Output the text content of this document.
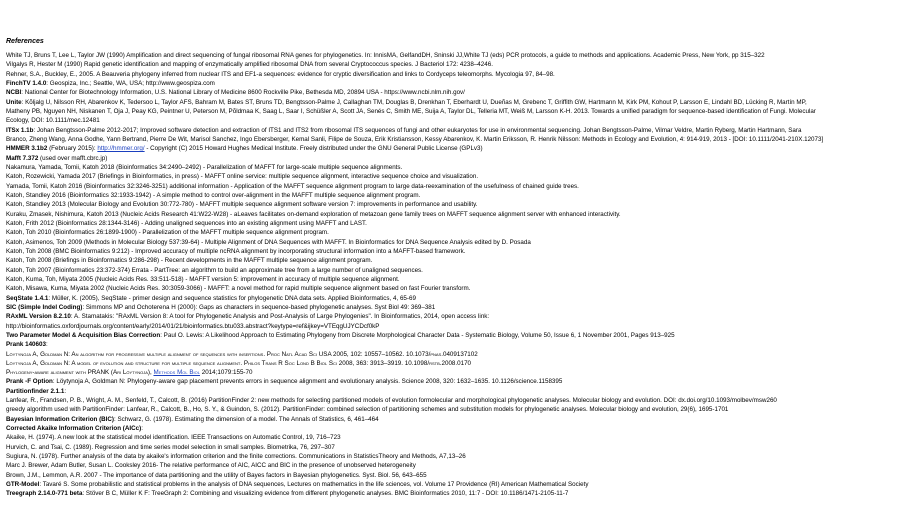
References
White TJ, Bruns T, Lee L, Taylor JW (1990) Amplification and direct sequencing of fungal ribosomal RNA genes for phylogenetics. In: InnisMA, GelfandDH, Sninski JJ,White TJ (eds) PCR protocols, a guide to methods and applications. Academic Press, New York, pp 315–322
Vilgalys R, Hester M (1990) Rapid genetic identification and mapping of enzymatically amplified ribosomal DNA from several Cryptococcus species. J Bacteriol 172: 4238–4246.
Rehner, S.A., Buckley, E., 2005. A Beauveria phylogeny inferred from nuclear ITS and EF1-a sequences: evidence for cryptic diversification and links to Cordyceps teleomorphs. Mycologia 97, 84–98.
FinchTV 1.4.0: Geospiza, Inc.; Seattle, WA, USA; http://www.geospiza.com
NCBI: National Center for Biotechnology Information, U.S. National Library of Medicine 8600 Rockville Pike, Bethesda MD, 20894 USA - https://www.ncbi.nlm.nih.gov/
Unite: Kõljalg U, Nilsson RH, Abarenkov K, Tedersoo L, Taylor AFS, Bahram M, Bates ST, Bruns TD, Bengtsson-Palme J, Callaghan TM, Douglas B, Drenkhan T, Eberhardt U, Dueñas M, Grebenc T, Griffith GW, Hartmann M, Kirk PM, Kohout P, Larsson E, Lindahl BD, Lücking R, Martín MP,
Matheny PB, Nguyen NH, Niskanen T, Oja J, Peay KG, Peintner U, Peterson M, Põldmaa K, Saag L, Saar I, Schüßler A, Scott JA, Senés C, Smith ME, Suija A, Taylor DL, Telleria MT, Weiß M, Larsson K-H. 2013. Towards a unified paradigm for sequence-based identification of Fungi. Molecular
Ecology, DOI: 10.1111/mec.12481
ITSx 1.1b: Johan Bengtsson-Palme 2012-2017; Improved software detection and extraction of ITS1 and ITS2 from ribosomal ITS sequences of fungi and other eukaryotes for use in environmental sequencing. Johan Bengtsson-Palme, Vilmar Veldre, Martin Ryberg, Martin Hartmann, Sara
Branco, Zheng Wang, Anna Godhe, Yann Bertrand, Pierre De Wit, Marisol Sanchez, Ingo Ebersberger, Kemal Sanli, Filipe de Souza, Erik Kristiansson, Kessy Abarenkov, K. Martin Eriksson, R. Henrik Nilsson: Methods in Ecology and Evolution, 4: 914-919, 2013 - [DOI: 10.1111/2041-210X.12073]
HMMER 3.1b2 (February 2015): http://hmmer.org/ - Copyright (C) 2015 Howard Hughes Medical Institute. Freely distributed under the GNU General Public License (GPLv3)
Mafft 7.372 (used over mafft.cbrc.jp)
Nakamura, Yamada, Tomii, Katoh 2018 (Bioinformatics 34:2490–2492) - Parallelization of MAFFT for large-scale multiple sequence alignments.
Katoh, Rozewicki, Yamada 2017 (Briefings in Bioinformatics, in press) - MAFFT online service: multiple sequence alignment, interactive sequence choice and visualization.
Yamada, Tomii, Katoh 2016 (Bioinformatics 32:3246-3251) additional information - Application of the MAFFT sequence alignment program to large data-reexamination of the usefulness of chained guide trees.
Katoh, Standley 2016 (Bioinformatics 32:1933-1942) - A simple method to control over-alignment in the MAFFT multiple sequence alignment program.
Katoh, Standley 2013 (Molecular Biology and Evolution 30:772-780) - MAFFT multiple sequence alignment software version 7: improvements in performance and usability.
Kuraku, Zmasek, Nishimura, Katoh 2013 (Nucleic Acids Research 41:W22-W28) - aLeaves facilitates on-demand exploration of metazoan gene family trees on MAFFT sequence alignment server with enhanced interactivity.
Katoh, Frith 2012 (Bioinformatics 28:1344-3146) - Adding unaligned sequences into an existing alignment using MAFFT and LAST.
Katoh, Toh 2010 (Bioinformatics 26:1899-1900) - Parallelization of the MAFFT multiple sequence alignment program.
Katoh, Asimenos, Toh 2009 (Methods in Molecular Biology 537:39-64) - Multiple Alignment of DNA Sequences with MAFFT. In Bioinformatics for DNA Sequence Analysis edited by D. Posada
Katoh, Toh 2008 (BMC Bioinformatics 9:212) - Improved accuracy of multiple ncRNA alignment by incorporating structural information into a MAFFT-based framework.
Katoh, Toh 2008 (Briefings in Bioinformatics 9:286-298) - Recent developments in the MAFFT multiple sequence alignment program.
Katoh, Toh 2007 (Bioinformatics 23:372-374) Errata - PartTree: an algorithm to build an approximate tree from a large number of unaligned sequences.
Katoh, Kuma, Toh, Miyata 2005 (Nucleic Acids Res. 33:511-518) - MAFFT version 5: improvement in accuracy of multiple sequence alignment.
Katoh, Misawa, Kuma, Miyata 2002 (Nucleic Acids Res. 30:3059-3066) - MAFFT: a novel method for rapid multiple sequence alignment based on fast Fourier transform.
SeqState 1.4.1: Müller, K. (2005), SeqState - primer design and sequence statistics for phylogenetic DNA data sets. Applied Bioinformatics, 4, 65-69
SIC (Simple Indel Coding): Simmons MP and Ochoterena H (2000): Gaps as characters in sequence-based phylogenetic analyses. Syst Biol 49: 369–381
RAxML Version 8.2.10: A. Stamatakis: "RAxML Version 8: A tool for Phylogenetic Analysis and Post-Analysis of Large Phylogenies". In Bioinformatics, 2014, open access link:
http://bioinformatics.oxfordjournals.org/content/early/2014/01/21/bioinformatics.btu033.abstract?keytype=ref&ijkey=VTEqgUJYCDcf0kP
Two Parameter Model & Acquisition Bias Correction: Paul O. Lewis: A Likelihood Approach to Estimating Phylogeny from Discrete Morphological Character Data - Systematic Biology, Volume 50, Issue 6, 1 November 2001, Pages 913–925
Prank 140603:
Löytynoja A, Goldman N: An algorithm for progressive multiple alignment of sequences with insertions. Proc Natl Acad Sci USA 2005, 102: 10557–10562. 10.1073/pnas.0409137102
Löytynoja A, Goldman N: A model of evolution and structure for multiple sequence alignment. Philos Trans R Soc Lond B Biol Sci 2008, 363: 3913–3919. 10.1098/rstb.2008.0170
Phylogeny-aware alignment with PRANK (Ari Löytynoja), Methods Mol Biol 2014;1079:155-70
Prank -F Option: Löytynoja A, Goldman N: Phylogeny-aware gap placement prevents errors in sequence alignment and evolutionary analysis. Science 2008, 320: 1632–1635. 10.1126/science.1158395
Partitionfinder 2.1.1:
Lanfear, R., Frandsen, P. B., Wright, A. M., Senfeld, T., Calcott, B. (2016) PartitionFinder 2: new methods for selecting partitioned models of evolution formolecular and morphological phylogenetic analyses. Molecular biology and evolution. DOI: dx.doi.org/10.1093/molbev/msw260
greedy algorithm used with PartitionFinder: Lanfear, R., Calcott, B., Ho, S. Y., & Guindon, S. (2012). PartitionFinder: combined selection of partitioning schemes and substitution models for phylogenetic analyses. Molecular biology and evolution, 29(6), 1695-1701
Bayesian Information Criterion (BIC): Schwarz, G. (1978). Estimating the dimension of a model. The Annals of Statistics, 6, 461–464
Corrected Akaike Information Criterion (AICc):
Akaike, H. (1974). A new look at the statistical model identification. IEEE Transactions on Automatic Control, 19, 716–723
Hurvich, C. and Tsai, C. (1989). Regression and time series model selection in small samples. Biometrika, 76, 297–307
Sugiura, N. (1978). Further analysis of the data by akaike's information criterion and the finite corrections. Communications in StatisticsTheory and Methods, A7,13–26
Marc J. Brewer, Adam Butler, Susan L. Cooksley 2016- The relative performance of AIC, AICC and BIC in the presence of unobserved heterogeneity
Brown, J.M., Lemmon, A.R. 2007 - The importance of data partitioning and the utility of Bayes factors in Bayesian phylogenetics. Syst. Biol. 56, 643–655
GTR-Model: Tavaré S. Some probabilistic and statistical problems in the analysis of DNA sequences, Lectures on mathematics in the life sciences, vol. Volume 17 Providence (RI) American Mathematical Society
Treegraph 2.14.0-771 beta: Stöver B C, Müller K F: TreeGraph 2: Combining and visualizing evidence from different phylogenetic analyses. BMC Bioinformatics 2010, 11:7 - DOI: 10.1186/1471-2105-11-7
